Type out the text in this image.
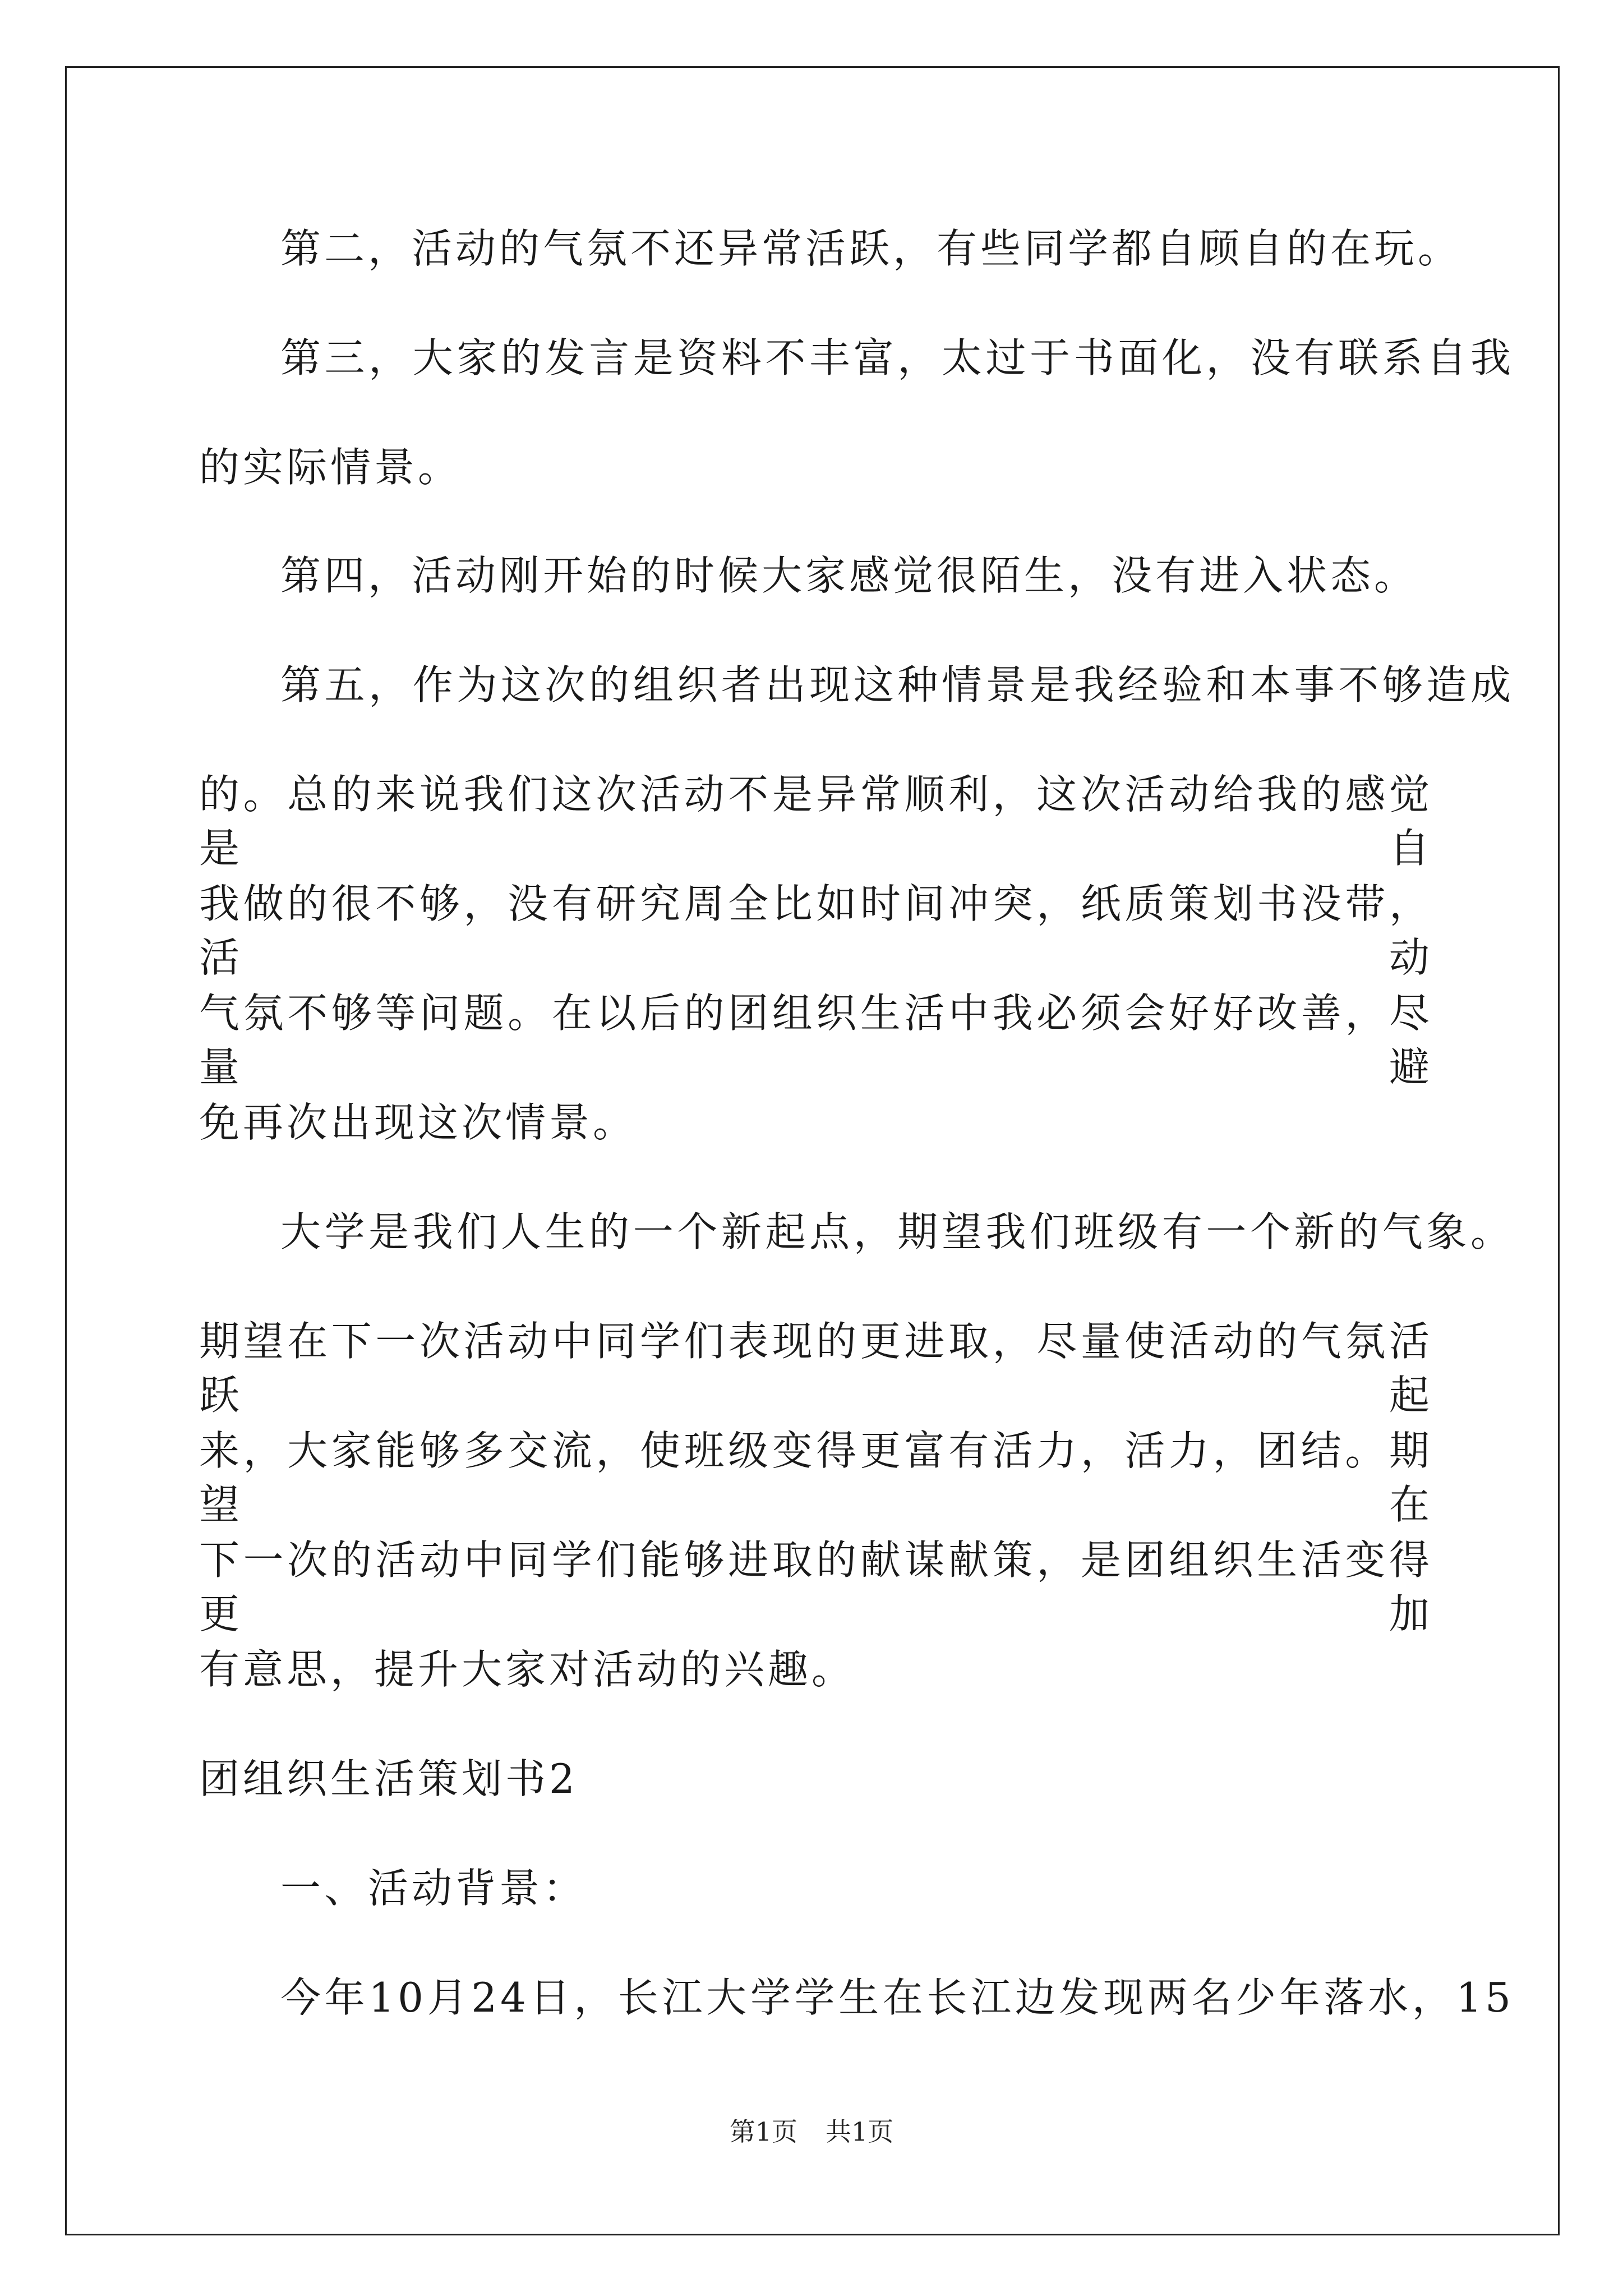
第二，活动的气氛不还异常活跃，有些同学都自顾自的在玩。
第三，大家的发言是资料不丰富，太过于书面化，没有联系自我
的实际情景。
第四，活动刚开始的时候大家感觉很陌生，没有进入状态。
第五，作为这次的组织者出现这种情景是我经验和本事不够造成
的。总的来说我们这次活动不是异常顺利，这次活动给我的感觉是自
我做的很不够，没有研究周全比如时间冲突，纸质策划书没带，活动
气氛不够等问题。在以后的团组织生活中我必须会好好改善，尽量避
免再次出现这次情景。
大学是我们人生的一个新起点，期望我们班级有一个新的气象。
期望在下一次活动中同学们表现的更进取，尽量使活动的气氛活跃起
来，大家能够多交流，使班级变得更富有活力，活力，团结。期望在
下一次的活动中同学们能够进取的献谋献策，是团组织生活变得更加
有意思，提升大家对活动的兴趣。
团组织生活策划书2
一、活动背景：
今年10月24日，长江大学学生在长江边发现两名少年落水，15
第1页 共1页
